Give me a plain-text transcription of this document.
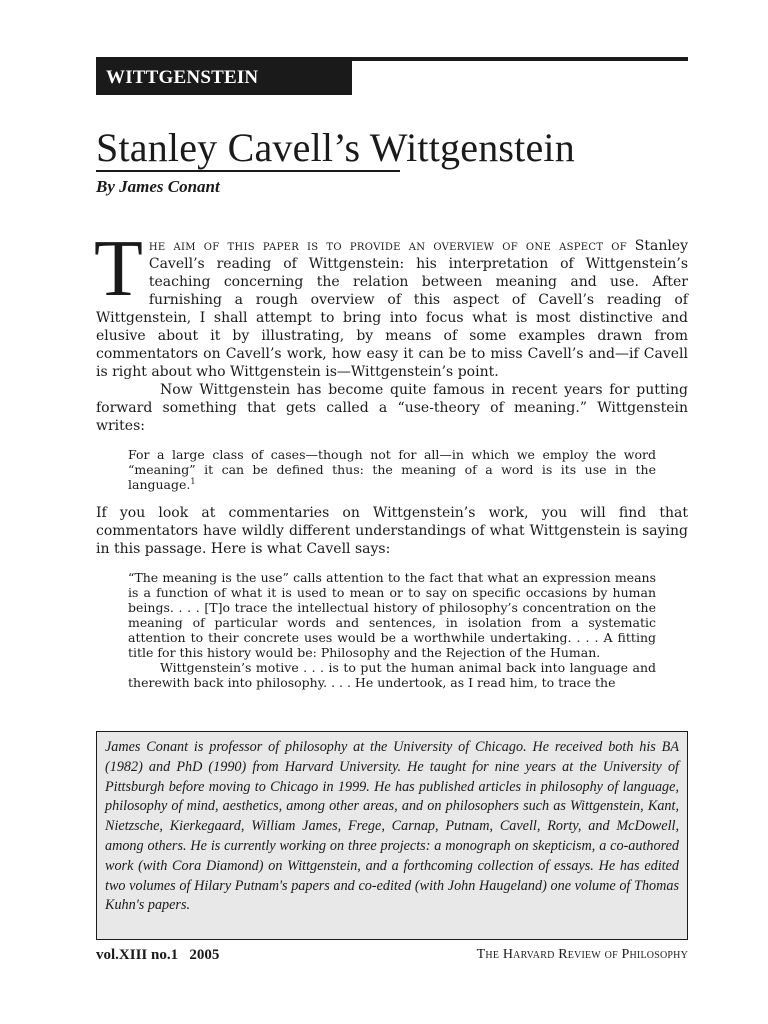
WITTGENSTEIN
Stanley Cavell’s Wittgenstein
By James Conant

T he aim of this paper is to provide an overview of one aspect of Stanley Cavell’s reading of Wittgenstein: his interpretation of Wittgenstein’s teaching concerning the relation between meaning and use. After furnishing a rough overview of this aspect of Cavell’s reading of Wittgenstein, I shall attempt to bring into focus what is most distinctive and elusive about it by illustrating, by means of some examples drawn from commentators on Cavell’s work, how easy it can be to miss Cavell’s and—if Cavell is right about who Wittgenstein is—Wittgenstein’s point.

Now Wittgenstein has become quite famous in recent years for putting forward something that gets called a “use-theory of meaning.” Wittgenstein writes:

For a large class of cases—though not for all—in which we employ the word “meaning” it can be defined thus: the meaning of a word is its use in the language.$^1$

If you look at commentaries on Wittgenstein’s work, you will find that commentators have wildly different understandings of what Wittgenstein is saying in this passage. Here is what Cavell says:

“The meaning is the use” calls attention to the fact that what an expression means is a function of what it is used to mean or to say on specific occasions by human beings. . . . [T]o trace the intellectual history of philosophy’s concentration on the meaning of particular words and sentences, in isolation from a systematic attention to their concrete uses would be a worthwhile undertaking. . . . A fitting title for this history would be: Philosophy and the Rejection of the Human.
Wittgenstein’s motive . . . is to put the human animal back into language and therewith back into philosophy. . . . He undertook, as I read him, to trace the
James Conant is professor of philosophy at the University of Chicago. He received both his BA (1982) and PhD (1990) from Harvard University. He taught for nine years at the University of Pittsburgh before moving to Chicago in 1999. He has published articles in philosophy of language, philosophy of mind, aesthetics, among other areas, and on philosophers such as Wittgenstein, Kant, Nietzsche, Kierkegaard, William James, Frege, Carnap, Putnam, Cavell, Rorty, and McDowell, among others. He is currently working on three projects: a monograph on skepticism, a co-authored work (with Cora Diamond) on Wittgenstein, and a forthcoming collection of essays. He has edited two volumes of Hilary Putnam's papers and co-edited (with John Haugeland) one volume of Thomas Kuhn's papers.
vol.XIII no.1   2005	The Harvard Review of Philosophy
